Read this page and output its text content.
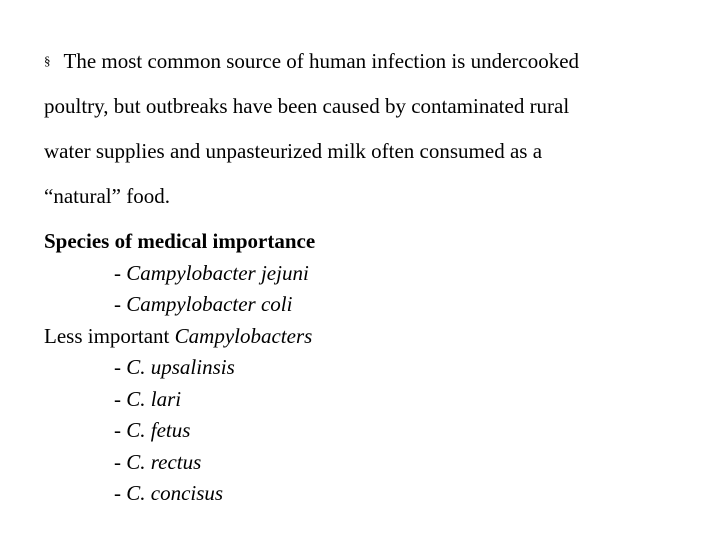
§ The most common source of human infection is undercooked
poultry, but outbreaks have been caused by contaminated rural
water supplies and unpasteurized milk often consumed as a
“natural” food.
Species of medical importance
- Campylobacter jejuni
- Campylobacter coli
Less important Campylobacters
- C. upsalinsis
- C. lari
- C. fetus
- C. rectus
- C. concisus
